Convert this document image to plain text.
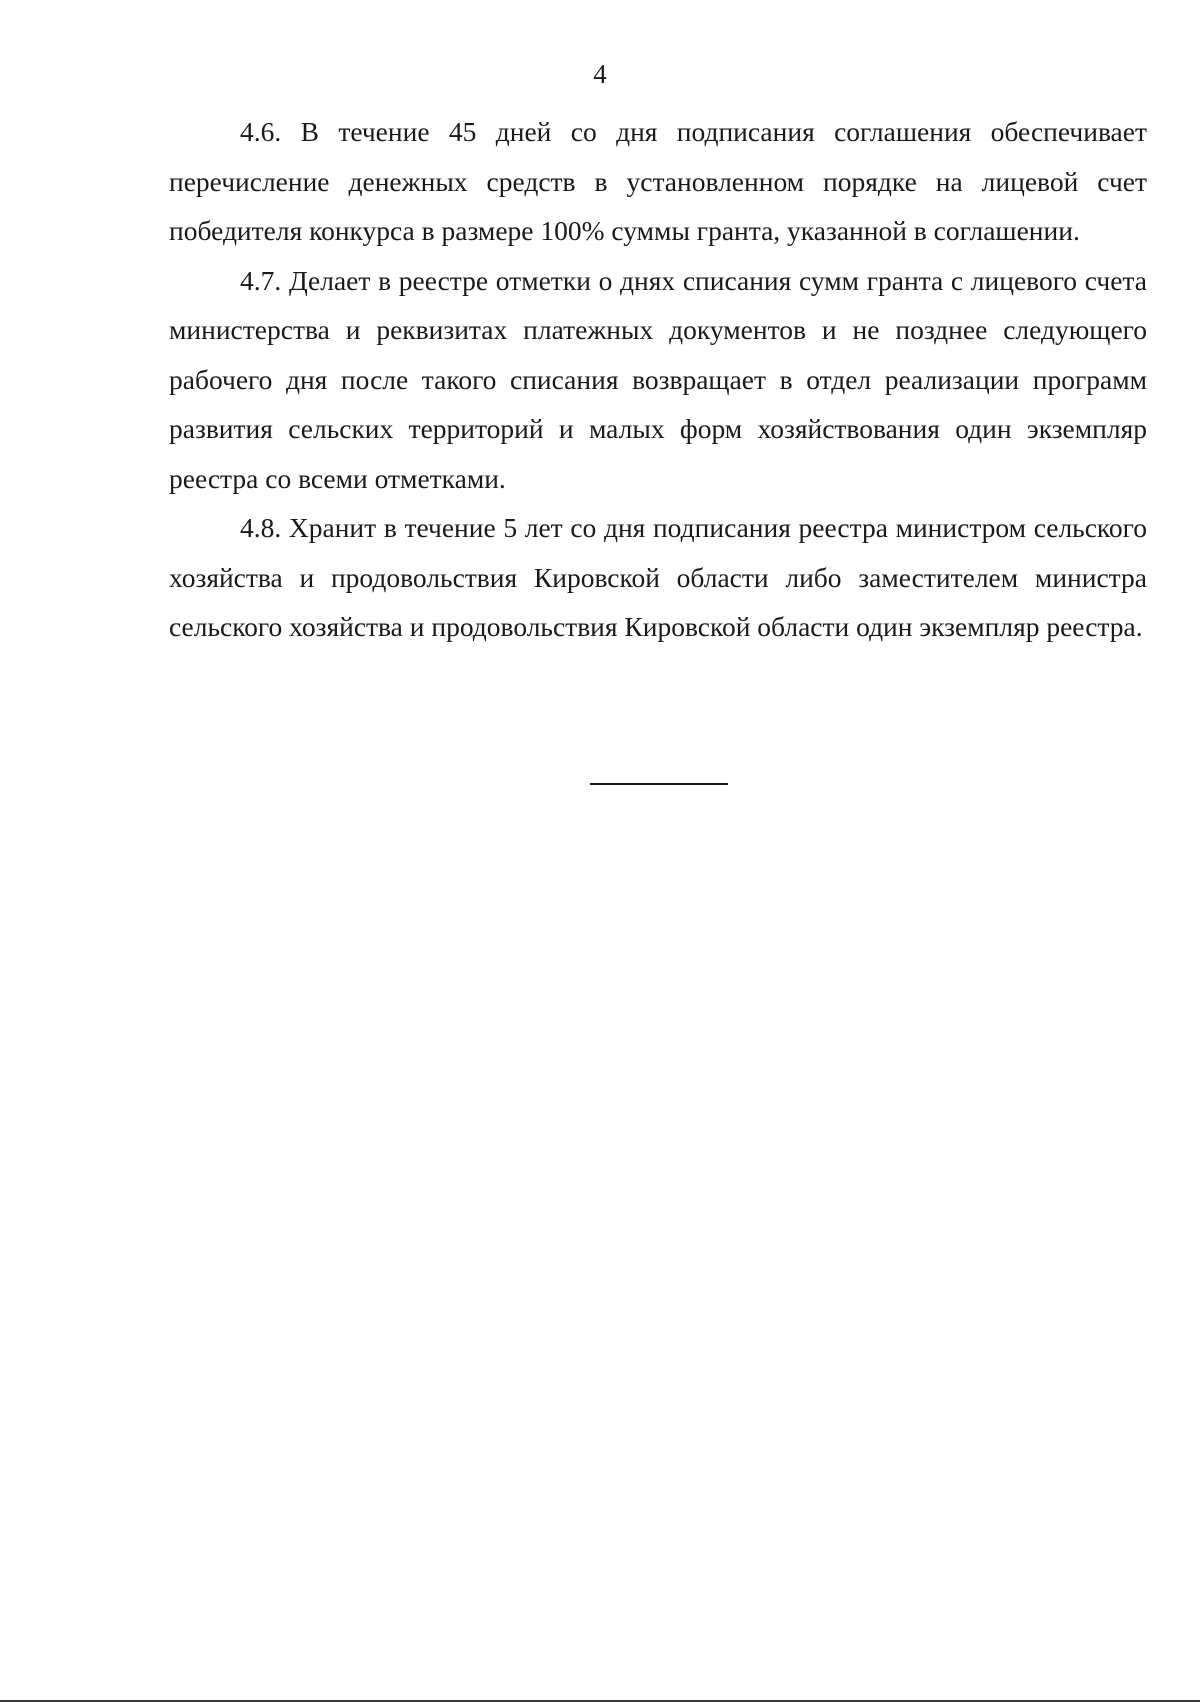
4

4.6. В течение 45 дней со дня подписания соглашения обеспечивает перечисление денежных средств в установленном порядке на лицевой счет победителя конкурса в размере 100% суммы гранта, указанной в соглашении.

4.7. Делает в реестре отметки о днях списания сумм гранта с лицевого счета министерства и реквизитах платежных документов и не позднее следующего рабочего дня после такого списания возвращает в отдел реализации программ развития сельских территорий и малых форм хозяйствования один экземпляр реестра со всеми отметками.

4.8. Хранит в течение 5 лет со дня подписания реестра министром сельского хозяйства и продовольствия Кировской области либо заместителем министра сельского хозяйства и продовольствия Кировской области один экземпляр реестра.
